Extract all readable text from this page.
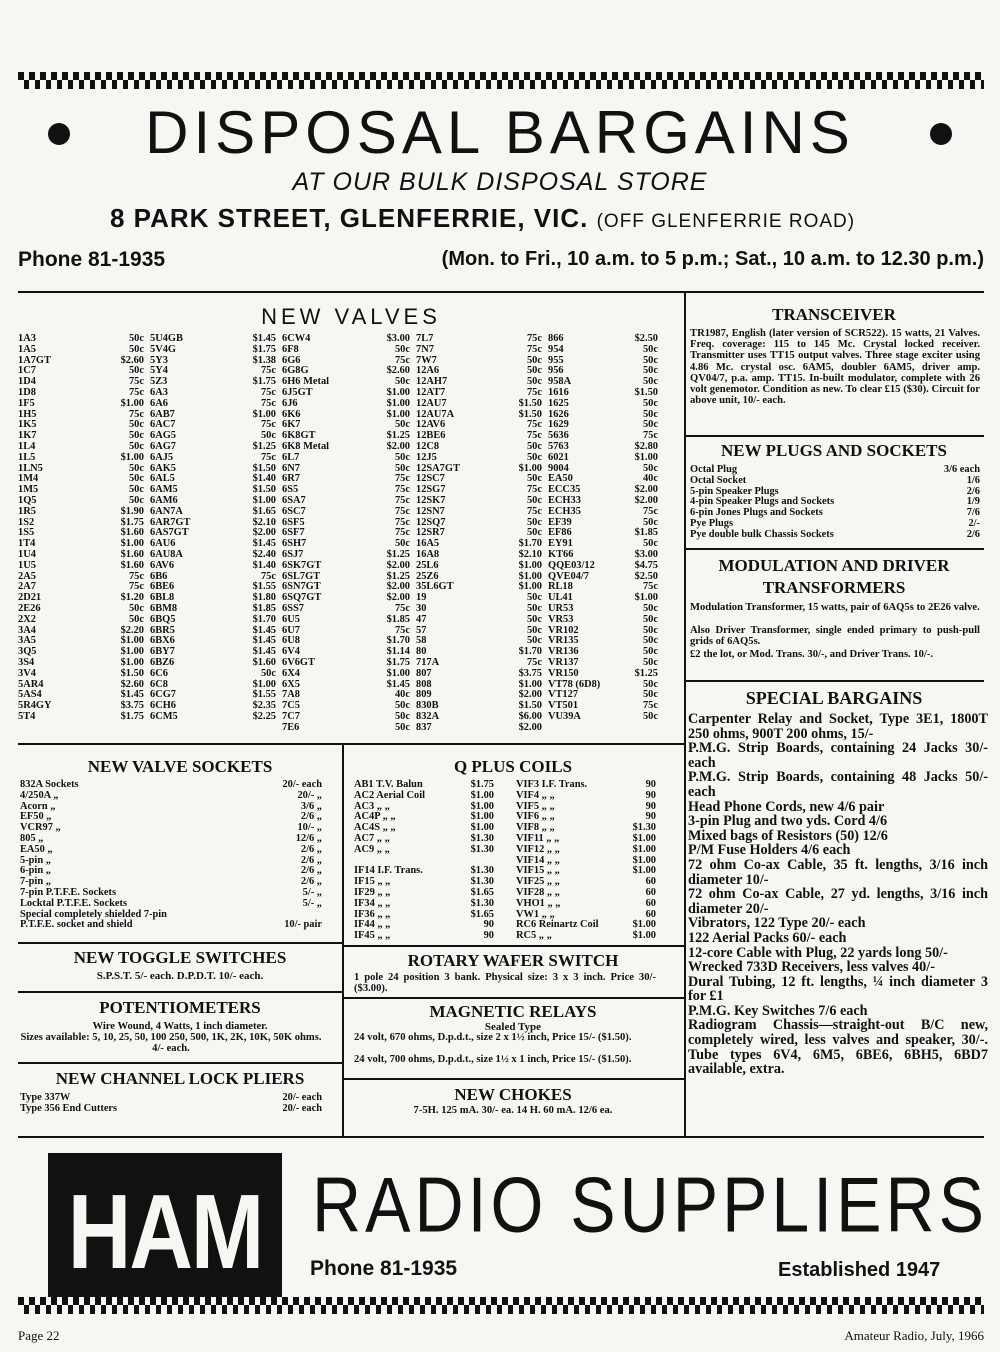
DISPOSAL BARGAINS
AT OUR BULK DISPOSAL STORE
8 PARK STREET, GLENFERRIE, VIC. (OFF GLENFERRIE ROAD)
Phone 81-1935	(Mon. to Fri., 10 a.m. to 5 p.m.; Sat., 10 a.m. to 12.30 p.m.)
NEW VALVES
1A3	50c
1A5	50c
1A7GT	$2.60
1C7	50c
1D4	75c
1D8	75c
1F5	$1.00
1H5	75c
1K5	50c
1K7	50c
1L4	50c
1L5	$1.00
1LN5	50c
1M4	50c
1M5	50c
1Q5	50c
1R5	$1.90
1S2	$1.75
1S5	$1.60
1T4	$1.00
1U4	$1.60
1U5	$1.60
2A5	75c
2A7	75c
2D21	$1.20
2E26	50c
2X2	50c
3A4	$2.20
3A5	$1.00
3Q5	$1.00
3S4	$1.00
3V4	$1.50
5AR4	$2.60
5AS4	$1.45
5R4GY	$3.75
5T4	$1.75
5U4GB	$1.45
5V4G	$1.75
5Y3	$1.38
5Y4	75c
5Z3	$1.75
6A3	75c
6A6	75c
6AB7	$1.00
6AC7	75c
6AG5	50c
6AG7	$1.25
6AJ5	75c
6AK5	$1.50
6AL5	$1.40
6AM5	$1.50
6AM6	$1.00
6AN7A	$1.65
6AR7GT	$2.10
6AS7GT	$2.00
6AU6	$1.45
6AU8A	$2.40
6AV6	$1.40
6B6	75c
6BE6	$1.55
6BL8	$1.80
6BM8	$1.85
6BQ5	$1.70
6BR5	$1.45
6BX6	$1.45
6BY7	$1.45
6BZ6	$1.60
6C6	50c
6C8	$1.00
6CG7	$1.55
6CH6	$2.35
6CM5	$2.25
6CW4	$3.00
6F8	50c
6G6	75c
6G8G	$2.60
6H6 Metal	50c
6J5GT	$1.00
6J6	$1.00
6K6	$1.00
6K7	50c
6K8GT	$1.25
6K8 Metal	$2.00
6L7	50c
6N7	50c
6R7	75c
6S5	75c
6SA7	75c
6SC7	75c
6SF5	75c
6SF7	75c
6SH7	50c
6SJ7	$1.25
6SK7GT	$2.00
6SL7GT	$1.25
6SN7GT	$2.00
6SQ7GT	$2.00
6SS7	75c
6U5	$1.85
6U7	75c
6U8	$1.70
6V4	$1.14
6V6GT	$1.75
6X4	$1.00
6X5	$1.45
7A8	40c
7C5	50c
7C7	50c
7E6	50c
7L7	75c
7N7	75c
7W7	50c
12A6	50c
12AH7	50c
12AT7	75c
12AU7	$1.50
12AU7A	$1.50
12AV6	75c
12BE6	75c
12C8	50c
12J5	50c
12SA7GT	$1.00
12SC7	50c
12SG7	75c
12SK7	50c
12SN7	75c
12SQ7	50c
12SR7	50c
16A5	$1.70
16A8	$2.10
25L6	$1.00
25Z6	$1.00
35L6GT	$1.00
19	50c
30	50c
47	50c
57	50c
58	50c
80	$1.70
717A	75c
807	$3.75
808	$1.00
809	$2.00
830B	$1.50
832A	$6.00
837	$2.00
866	$2.50
954	50c
955	50c
956	50c
958A	50c
1616	$1.50
1625	50c
1626	50c
1629	50c
5636	75c
5763	$2.80
6021	$1.00
9004	50c
EA50	40c
ECC35	$2.00
ECH33	$2.00
ECH35	75c
EF39	50c
EF86	$1.85
EY91	50c
KT66	$3.00
QQE03/12	$4.75
QVE04/7	$2.50
RL18	75c
UL41	$1.00
UR53	50c
VR53	50c
VR102	50c
VR135	50c
VR136	50c
VR137	50c
VR150	$1.25
VT78 (6D8)	50c
VT127	50c
VT501	75c
VU39A	50c
TRANSCEIVER
TR1987, English (later version of SCR522). 15 watts, 21 Valves. Freq. coverage: 115 to 145 Mc. Crystal locked receiver. Transmitter uses TT15 output valves. Three stage exciter using 4.86 Mc. crystal osc. 6AM5, doubler 6AM5, driver amp. QV04/7, p.a. amp. TT15. In-built modulator, complete with 26 volt genemotor. Condition as new. To clear £15 ($30). Circuit for above unit, 10/- each.
NEW PLUGS AND SOCKETS
Octal Plug	3/6 each
Octal Socket	1/6
5-pin Speaker Plugs	2/6
4-pin Speaker Plugs and Sockets	1/9
6-pin Jones Plugs and Sockets	7/6
Pye Plugs	2/-
Pye double bulk Chassis Sockets	2/6
MODULATION AND DRIVER
TRANSFORMERS
Modulation Transformer, 15 watts, pair of 6AQ5s to 2E26 valve.
Also Driver Transformer, single ended primary to push-pull grids of 6AQ5s.
£2 the lot, or Mod. Trans. 30/-, and Driver Trans. 10/-.
SPECIAL BARGAINS
Carpenter Relay and Socket, Type 3E1, 1800T 250 ohms, 900T 200 ohms, 15/-
P.M.G. Strip Boards, containing 24 Jacks 30/- each
P.M.G. Strip Boards, containing 48 Jacks 50/- each
Head Phone Cords, new 4/6 pair
3-pin Plug and two yds. Cord 4/6
Mixed bags of Resistors (50) 12/6
P/M Fuse Holders 4/6 each
72 ohm Co-ax Cable, 35 ft. lengths, 3/16 inch diameter 10/-
72 ohm Co-ax Cable, 27 yd. lengths, 3/16 inch diameter 20/-
Vibrators, 122 Type 20/- each
122 Aerial Packs 60/- each
12-core Cable with Plug, 22 yards long 50/-
Wrecked 733D Receivers, less valves 40/-
Dural Tubing, 12 ft. lengths, ¼ inch diameter 3 for £1
P.M.G. Key Switches 7/6 each
Radiogram Chassis—straight-out B/C new, completely wired, less valves and speaker, 30/-. Tube types 6V4, 6M5, 6BE6, 6BH5, 6BD7 available, extra.
NEW VALVE SOCKETS
832A Sockets	20/- each
4/250A „	20/- „
Acorn „	3/6 „
EF50 „	2/6 „
VCR97 „	10/- „
805 „	12/6 „
EA50 „	2/6 „
5-pin „	2/6 „
6-pin „	2/6 „
7-pin „	2/6 „
7-pin P.T.F.E. Sockets	5/- „
Locktal P.T.F.E. Sockets	5/- „
Special completely shielded 7-pin
P.T.F.E. socket and shield	10/- pair
NEW TOGGLE SWITCHES
S.P.S.T. 5/- each. D.P.D.T. 10/- each.
POTENTIOMETERS
Wire Wound, 4 Watts, 1 inch diameter.
Sizes available: 5, 10, 25, 50, 100 250, 500, 1K, 2K, 10K, 50K ohms. 4/- each.
NEW CHANNEL LOCK PLIERS
Type 337W	20/- each
Type 356 End Cutters	20/- each
Q PLUS COILS
AB1 T.V. Balun	$1.75
AC2 Aerial Coil	$1.00
AC3 „ „	$1.00
AC4P „ „	$1.00
AC4S „ „	$1.00
AC7 „ „	$1.30
AC9 „ „	$1.30
IF14 I.F. Trans.	$1.30
IF15 „ „	$1.30
IF29 „ „	$1.65
IF34 „ „	$1.30
IF36 „ „	$1.65
IF44 „ „	90
IF45 „ „	90
VIF3 I.F. Trans.	90
VIF4 „ „	90
VIF5 „ „	90
VIF6 „ „	90
VIF8 „ „	$1.30
VIF11 „ „	$1.00
VIF12 „ „	$1.00
VIF14 „ „	$1.00
VIF15 „ „	$1.00
VIF25 „ „	60
VIF28 „ „	60
VHO1 „ „	60
VW1 „ „	60
RC6 Reinartz Coil	$1.00
RC5 „ „	$1.00
ROTARY WAFER SWITCH
1 pole 24 position 3 bank. Physical size: 3 x 3 inch. Price 30/- ($3.00).
MAGNETIC RELAYS
Sealed Type
24 volt, 670 ohms, D.p.d.t., size 2 x 1½ inch, Price 15/- ($1.50).
24 volt, 700 ohms, D.p.d.t., size 1½ x 1 inch, Price 15/- ($1.50).
NEW CHOKES
7-5H. 125 mA. 30/- ea. 14 H. 60 mA. 12/6 ea.
HAM RADIO SUPPLIERS
Phone 81-1935	Established 1947
Page 22	Amateur Radio, July, 1966
